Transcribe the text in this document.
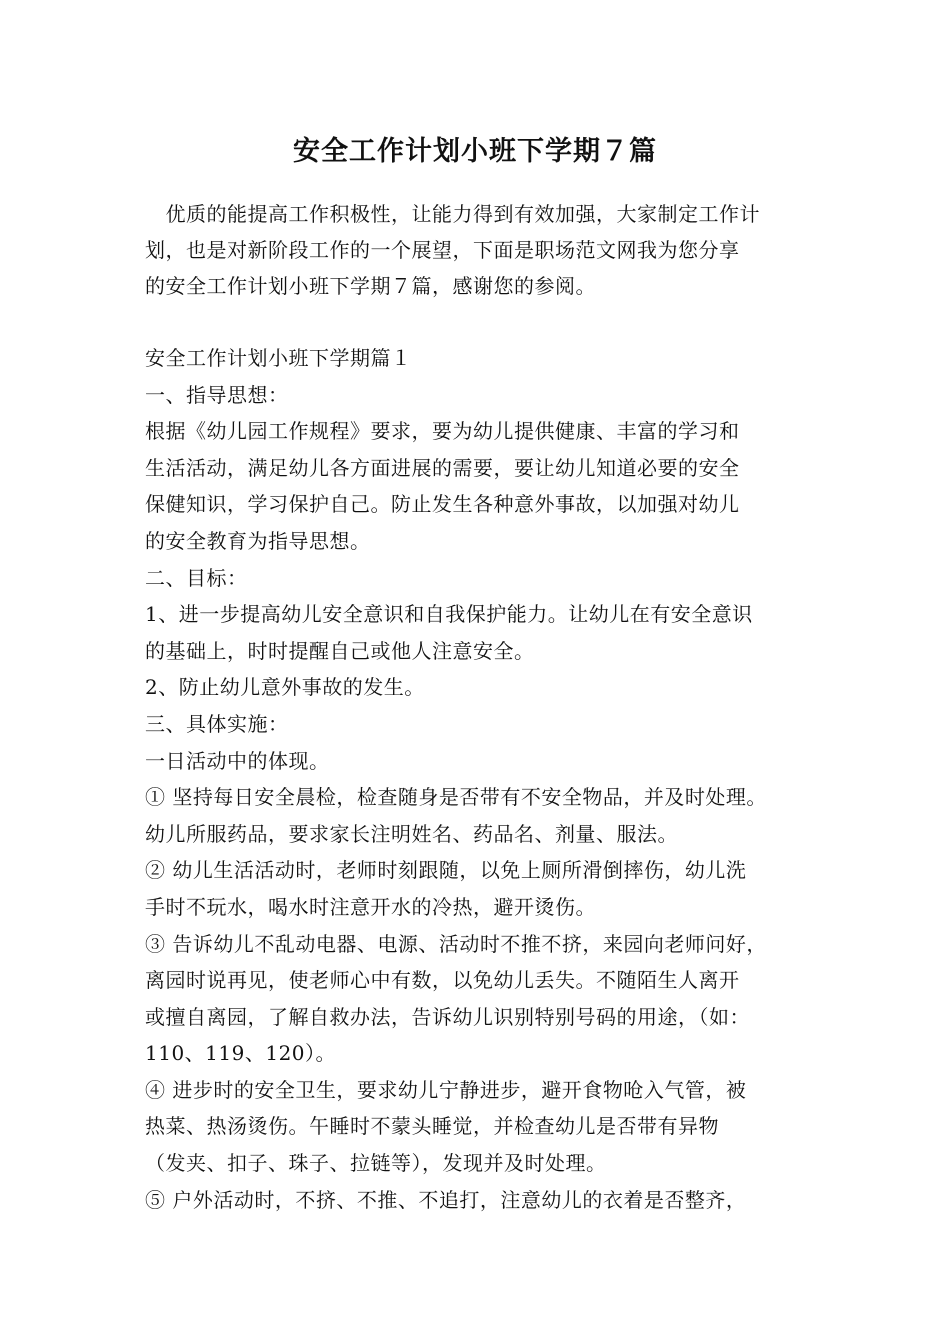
安全工作计划小班下学期７篇

　优质的能提高工作积极性，让能力得到有效加强，大家制定工作计

划，也是对新阶段工作的一个展望，下面是职场范文网我为您分享

的安全工作计划小班下学期７篇，感谢您的参阅。

安全工作计划小班下学期篇１

一、指导思想：

根据《幼儿园工作规程》要求，要为幼儿提供健康、丰富的学习和

生活活动，满足幼儿各方面进展的需要，要让幼儿知道必要的安全

保健知识，学习保护自己。防止发生各种意外事故，以加强对幼儿

的安全教育为指导思想。

二、目标：

1、进一步提高幼儿安全意识和自我保护能力。让幼儿在有安全意识

的基础上，时时提醒自己或他人注意安全。

2、防止幼儿意外事故的发生。

三、具体实施：

一日活动中的体现。

① 坚持每日安全晨检，检查随身是否带有不安全物品，并及时处理。

幼儿所服药品，要求家长注明姓名、药品名、剂量、服法。

② 幼儿生活活动时，老师时刻跟随，以免上厕所滑倒摔伤，幼儿洗

手时不玩水，喝水时注意开水的冷热，避开烫伤。

③ 告诉幼儿不乱动电器、电源、活动时不推不挤，来园向老师问好，

离园时说再见，使老师心中有数，以免幼儿丢失。不随陌生人离开

或擅自离园，了解自救办法，告诉幼儿识别特别号码的用途，（如：

110、119、120）。

④ 进步时的安全卫生，要求幼儿宁静进步，避开食物呛入气管，被

热菜、热汤烫伤。午睡时不蒙头睡觉，并检查幼儿是否带有异物

（发夹、扣子、珠子、拉链等），发现并及时处理。

⑤ 户外活动时，不挤、不推、不追打，注意幼儿的衣着是否整齐，
